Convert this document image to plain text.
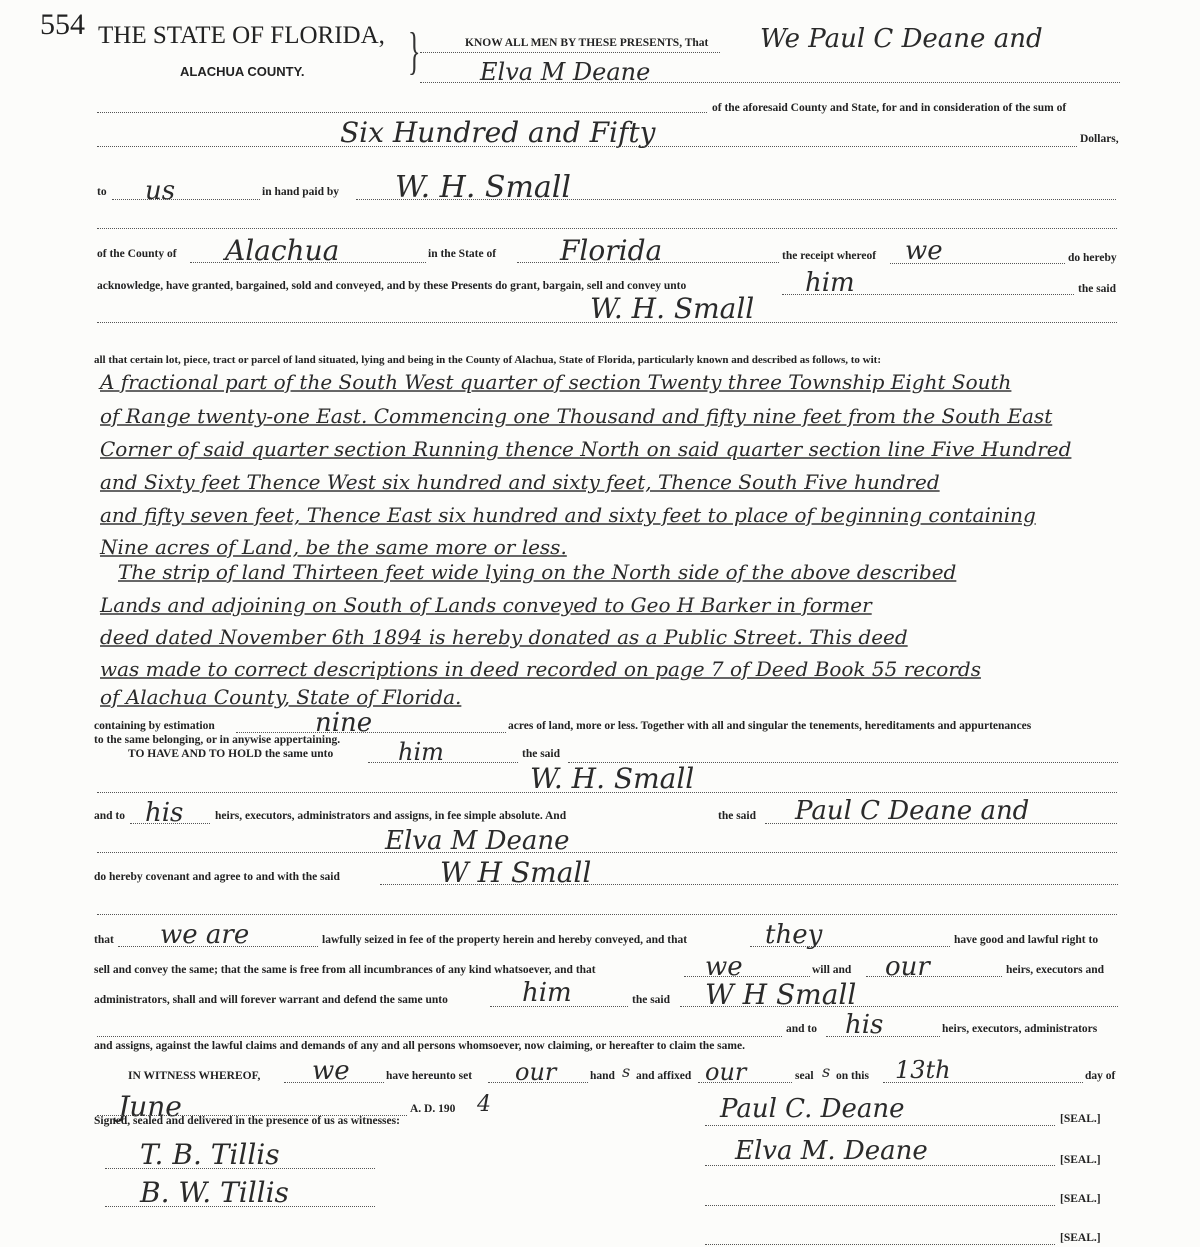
554 THE STATE OF FLORIDA, }
ALACHUA COUNTY.
KNOW ALL MEN BY THESE PRESENTS, That We Paul C Deane and
Elva M Deane
of the aforesaid County and State, for and in consideration of the sum of
Six Hundred and Fifty	Dollars,
to us	in hand paid by W. H. Small
of the County of Alachua	in the State of Florida	the receipt whereof we	do hereby
acknowledge, have granted, bargained, sold and conveyed, and by these Presents do grant, bargain, sell and convey unto	him	the said
W. H. Small
all that certain lot, piece, tract or parcel of land situated, lying and being in the County of Alachua, State of Florida, particularly known and described as follows, to wit:
A fractional part of the South West quarter of section Twenty three Township Eight South
of Range twenty-one East. Commencing one Thousand and fifty nine feet from the South East
Corner of said quarter section Running thence North on said quarter section line Five Hundred
and Sixty feet Thence West six hundred and sixty feet, Thence South Five hundred
and fifty seven feet, Thence East six hundred and sixty feet to place of beginning containing
Nine acres of Land, be the same more or less.
The strip of land Thirteen feet wide lying on the North side of the above described
Lands and adjoining on South of Lands conveyed to Geo H Barker in former
deed dated November 6th 1894 is hereby donated as a Public Street. This deed
was made to correct descriptions in deed recorded on page 7 of Deed Book 55 records
of Alachua County, State of Florida.
containing by estimation	nine	acres of land, more or less. Together with all and singular the tenements, hereditaments and appurtenances
to the same belonging, or in anywise appertaining.
TO HAVE AND TO HOLD the same unto	him	the said
W. H. Small
and to his	heirs, executors, administrators and assigns, in fee simple absolute. And	the said Paul C Deane and
Elva M Deane
do hereby covenant and agree to and with the said	W H Small
that we are	lawfully seized in fee of the property herein and hereby conveyed, and that	they	have good and lawful right to
sell and convey the same; that the same is free from all incumbrances of any kind whatsoever, and that	we	will and our	heirs, executors and
administrators, shall and will forever warrant and defend the same unto	him	the said W H Small
and to his	heirs, executors, administrators
and assigns, against the lawful claims and demands of any and all persons whomsoever, now claiming, or hereafter to claim the same.
IN WITNESS WHEREOF, we	have hereunto set our	hand s and affixed our	seal s on this 13th	day of
June	A. D. 190 4
Signed, sealed and delivered in the presence of us as witnesses:
T. B. Tillis
B. W. Tillis
Paul C. Deane	[SEAL.]
Elva M. Deane	[SEAL.]
[SEAL.]
[SEAL.]
